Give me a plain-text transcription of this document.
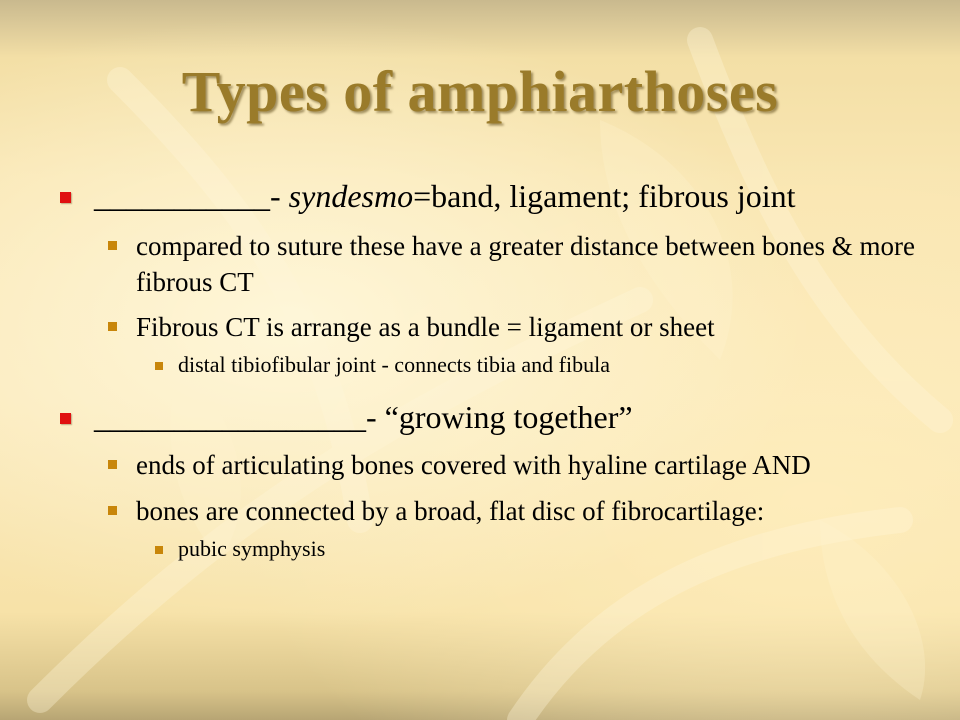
Types of amphiarthoses
___________- syndesmo=band, ligament; fibrous joint
compared to suture these have a greater distance between bones & more fibrous CT
Fibrous CT is arrange as a bundle = ligament or sheet
distal tibiofibular joint - connects tibia and fibula
_________________- “growing together”
ends of articulating bones covered with hyaline cartilage AND
bones are connected by a broad, flat disc of fibrocartilage:
pubic symphysis
